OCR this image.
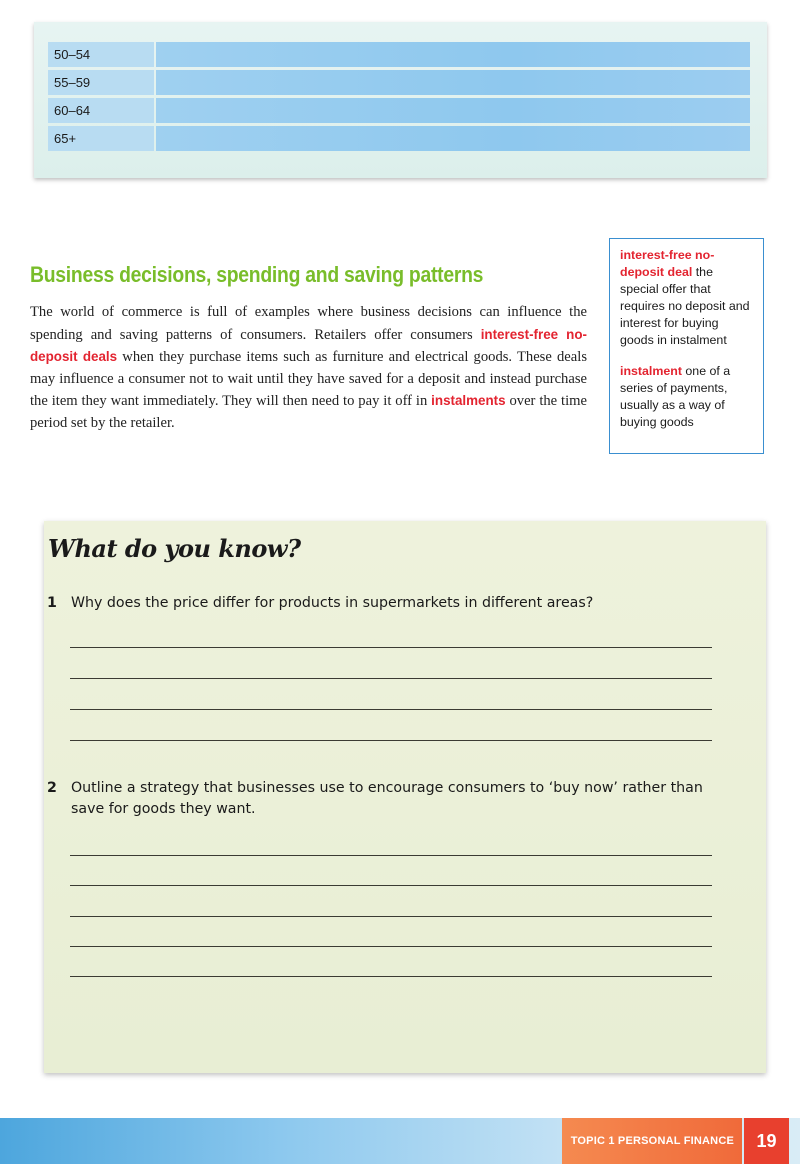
50–54
55–59
60–64
65+
Business decisions, spending and saving patterns

The world of commerce is full of examples where business decisions can influence the spending and saving patterns of consumers. Retailers offer consumers interest-free no-deposit deals when they purchase items such as furniture and electrical goods. These deals may influence a consumer not to wait until they have saved for a deposit and instead purchase the item they want immediately. They will then need to pay it off in instalments over the time period set by the retailer.

interest-free no-deposit deal the special offer that requires no deposit and interest for buying goods in instalment

instalment one of a series of payments, usually as a way of buying goods

What do you know?
1 Why does the price differ for products in supermarkets in different areas?
2 Outline a strategy that businesses use to encourage consumers to ‘buy now’ rather than save for goods they want.
TOPIC 1 PERSONAL FINANCE	19
